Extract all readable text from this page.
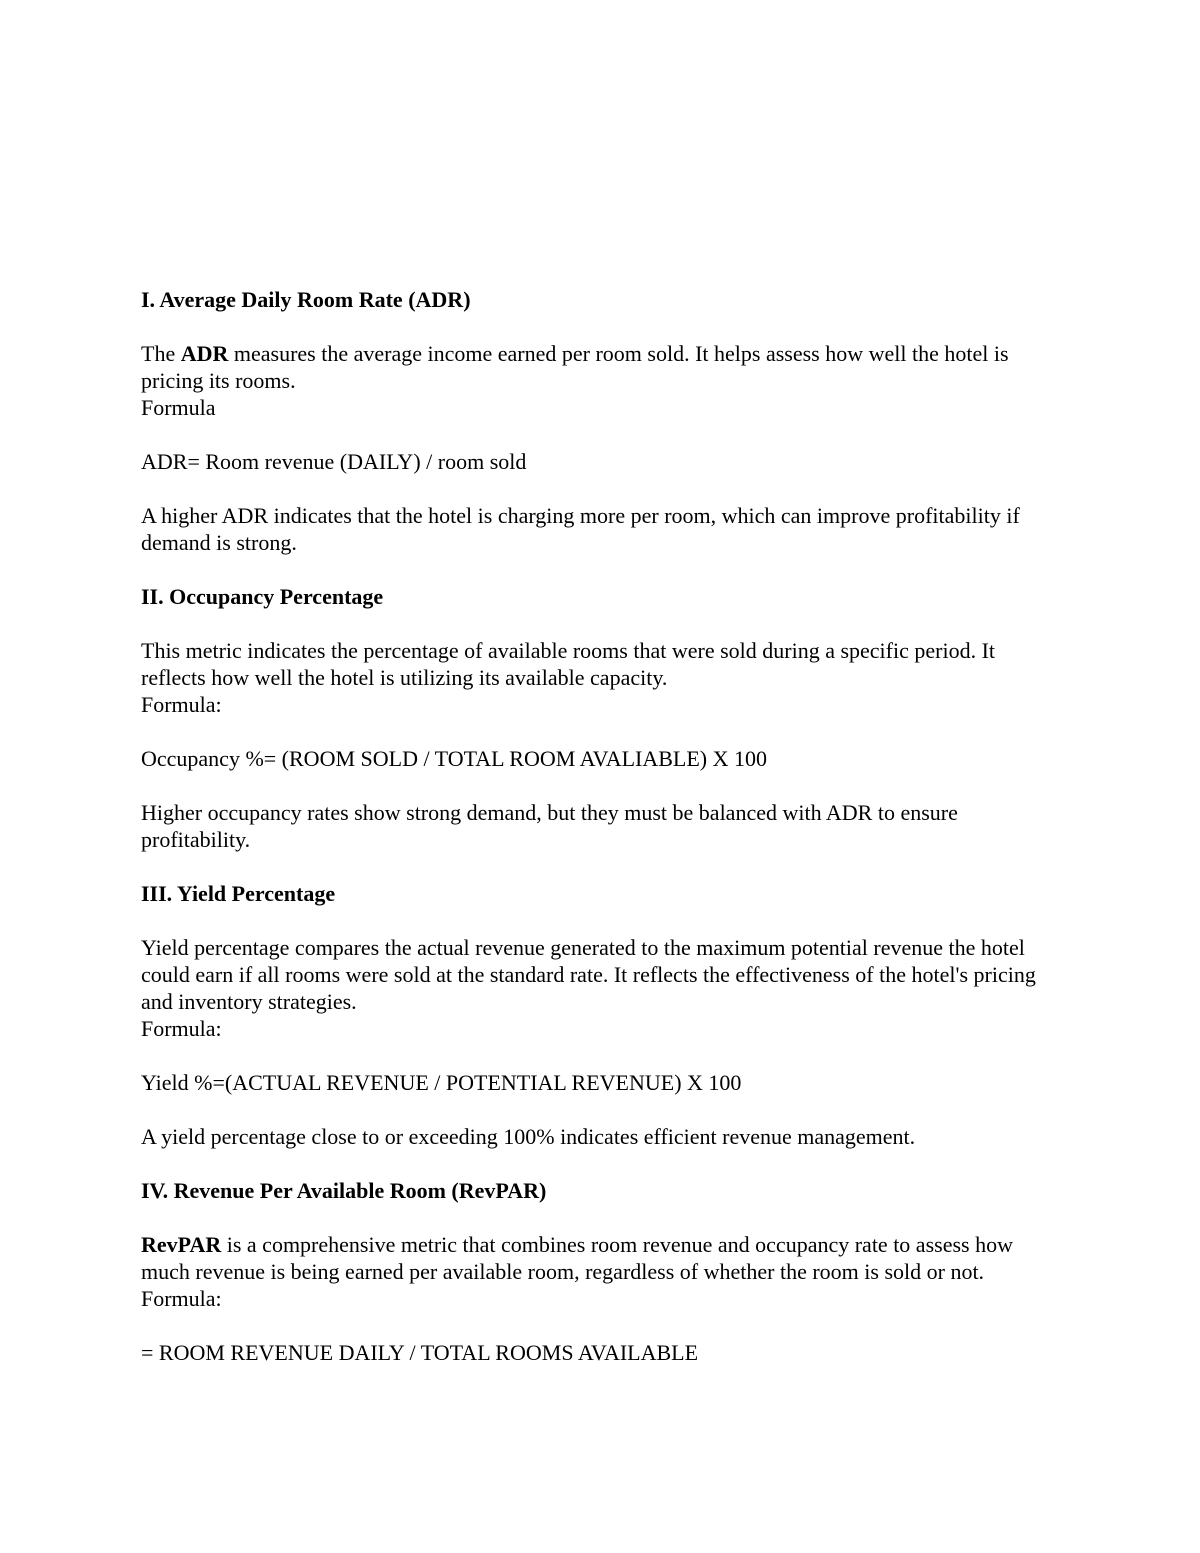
I. Average Daily Room Rate (ADR)

The ADR measures the average income earned per room sold. It helps assess how well the hotel is pricing its rooms.

Formula

ADR= Room revenue (DAILY) / room sold

A higher ADR indicates that the hotel is charging more per room, which can improve profitability if demand is strong.

II. Occupancy Percentage

This metric indicates the percentage of available rooms that were sold during a specific period. It reflects how well the hotel is utilizing its available capacity.

Formula:

Occupancy %= (ROOM SOLD / TOTAL ROOM AVALIABLE) X 100

Higher occupancy rates show strong demand, but they must be balanced with ADR to ensure profitability.

III. Yield Percentage

Yield percentage compares the actual revenue generated to the maximum potential revenue the hotel could earn if all rooms were sold at the standard rate. It reflects the effectiveness of the hotel's pricing and inventory strategies.

Formula:

Yield %=(ACTUAL REVENUE / POTENTIAL REVENUE) X 100

A yield percentage close to or exceeding 100% indicates efficient revenue management.

IV. Revenue Per Available Room (RevPAR)

RevPAR is a comprehensive metric that combines room revenue and occupancy rate to assess how much revenue is being earned per available room, regardless of whether the room is sold or not.

Formula:

= ROOM REVENUE DAILY / TOTAL ROOMS AVAILABLE
